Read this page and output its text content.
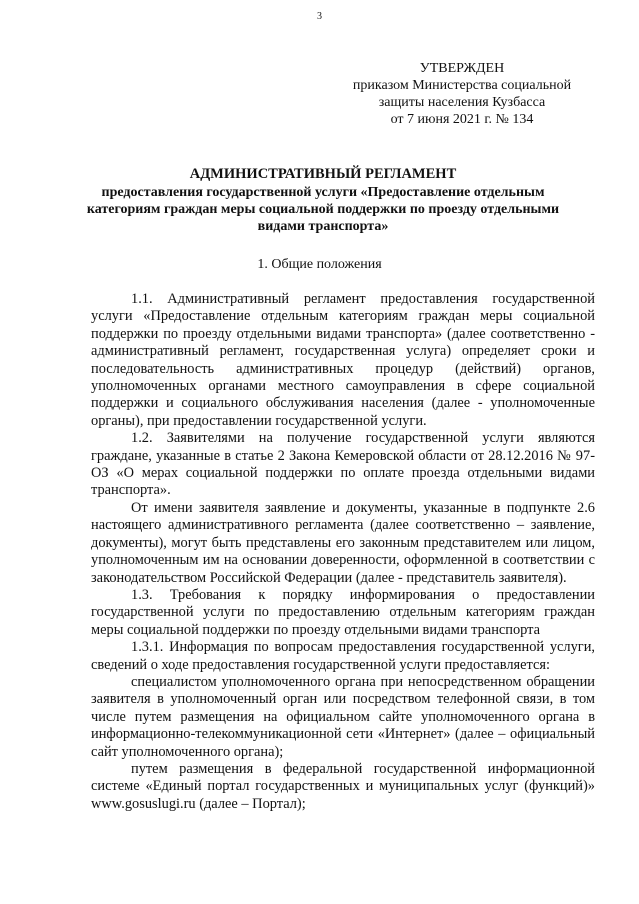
3
УТВЕРЖДЕН
приказом Министерства социальной
защиты населения Кузбасса
от 7 июня 2021 г. № 134
АДМИНИСТРАТИВНЫЙ РЕГЛАМЕНТ
предоставления государственной услуги «Предоставление отдельным категориям граждан меры социальной поддержки по проезду отдельными видами транспорта»
1. Общие положения

1.1. Административный регламент предоставления государственной услуги «Предоставление отдельным категориям граждан меры социальной поддержки по проезду отдельными видами транспорта» (далее соответственно - административный регламент, государственная услуга) определяет сроки и последовательность административных процедур (действий) органов, уполномоченных органами местного самоуправления в сфере социальной поддержки и социального обслуживания населения (далее - уполномоченные органы), при предоставлении государственной услуги.

1.2. Заявителями на получение государственной услуги являются граждане, указанные в статье 2 Закона Кемеровской области от 28.12.2016 № 97-ОЗ «О мерах социальной поддержки по оплате проезда отдельными видами транспорта».

От имени заявителя заявление и документы, указанные в подпункте 2.6 настоящего административного регламента (далее соответственно – заявление, документы), могут быть представлены его законным представителем или лицом, уполномоченным им на основании доверенности, оформленной в соответствии с законодательством Российской Федерации (далее - представитель заявителя).

1.3. Требования к порядку информирования о предоставлении государственной услуги по предоставлению отдельным категориям граждан меры социальной поддержки по проезду отдельными видами транспорта

1.3.1. Информация по вопросам предоставления государственной услуги, сведений о ходе предоставления государственной услуги предоставляется:

специалистом уполномоченного органа при непосредственном обращении заявителя в уполномоченный орган или посредством телефонной связи, в том числе путем размещения на официальном сайте уполномоченного органа в информационно-телекоммуникационной сети «Интернет» (далее – официальный сайт уполномоченного органа);

путем размещения в федеральной государственной информационной системе «Единый портал государственных и муниципальных услуг (функций)» www.gosuslugi.ru (далее – Портал);
